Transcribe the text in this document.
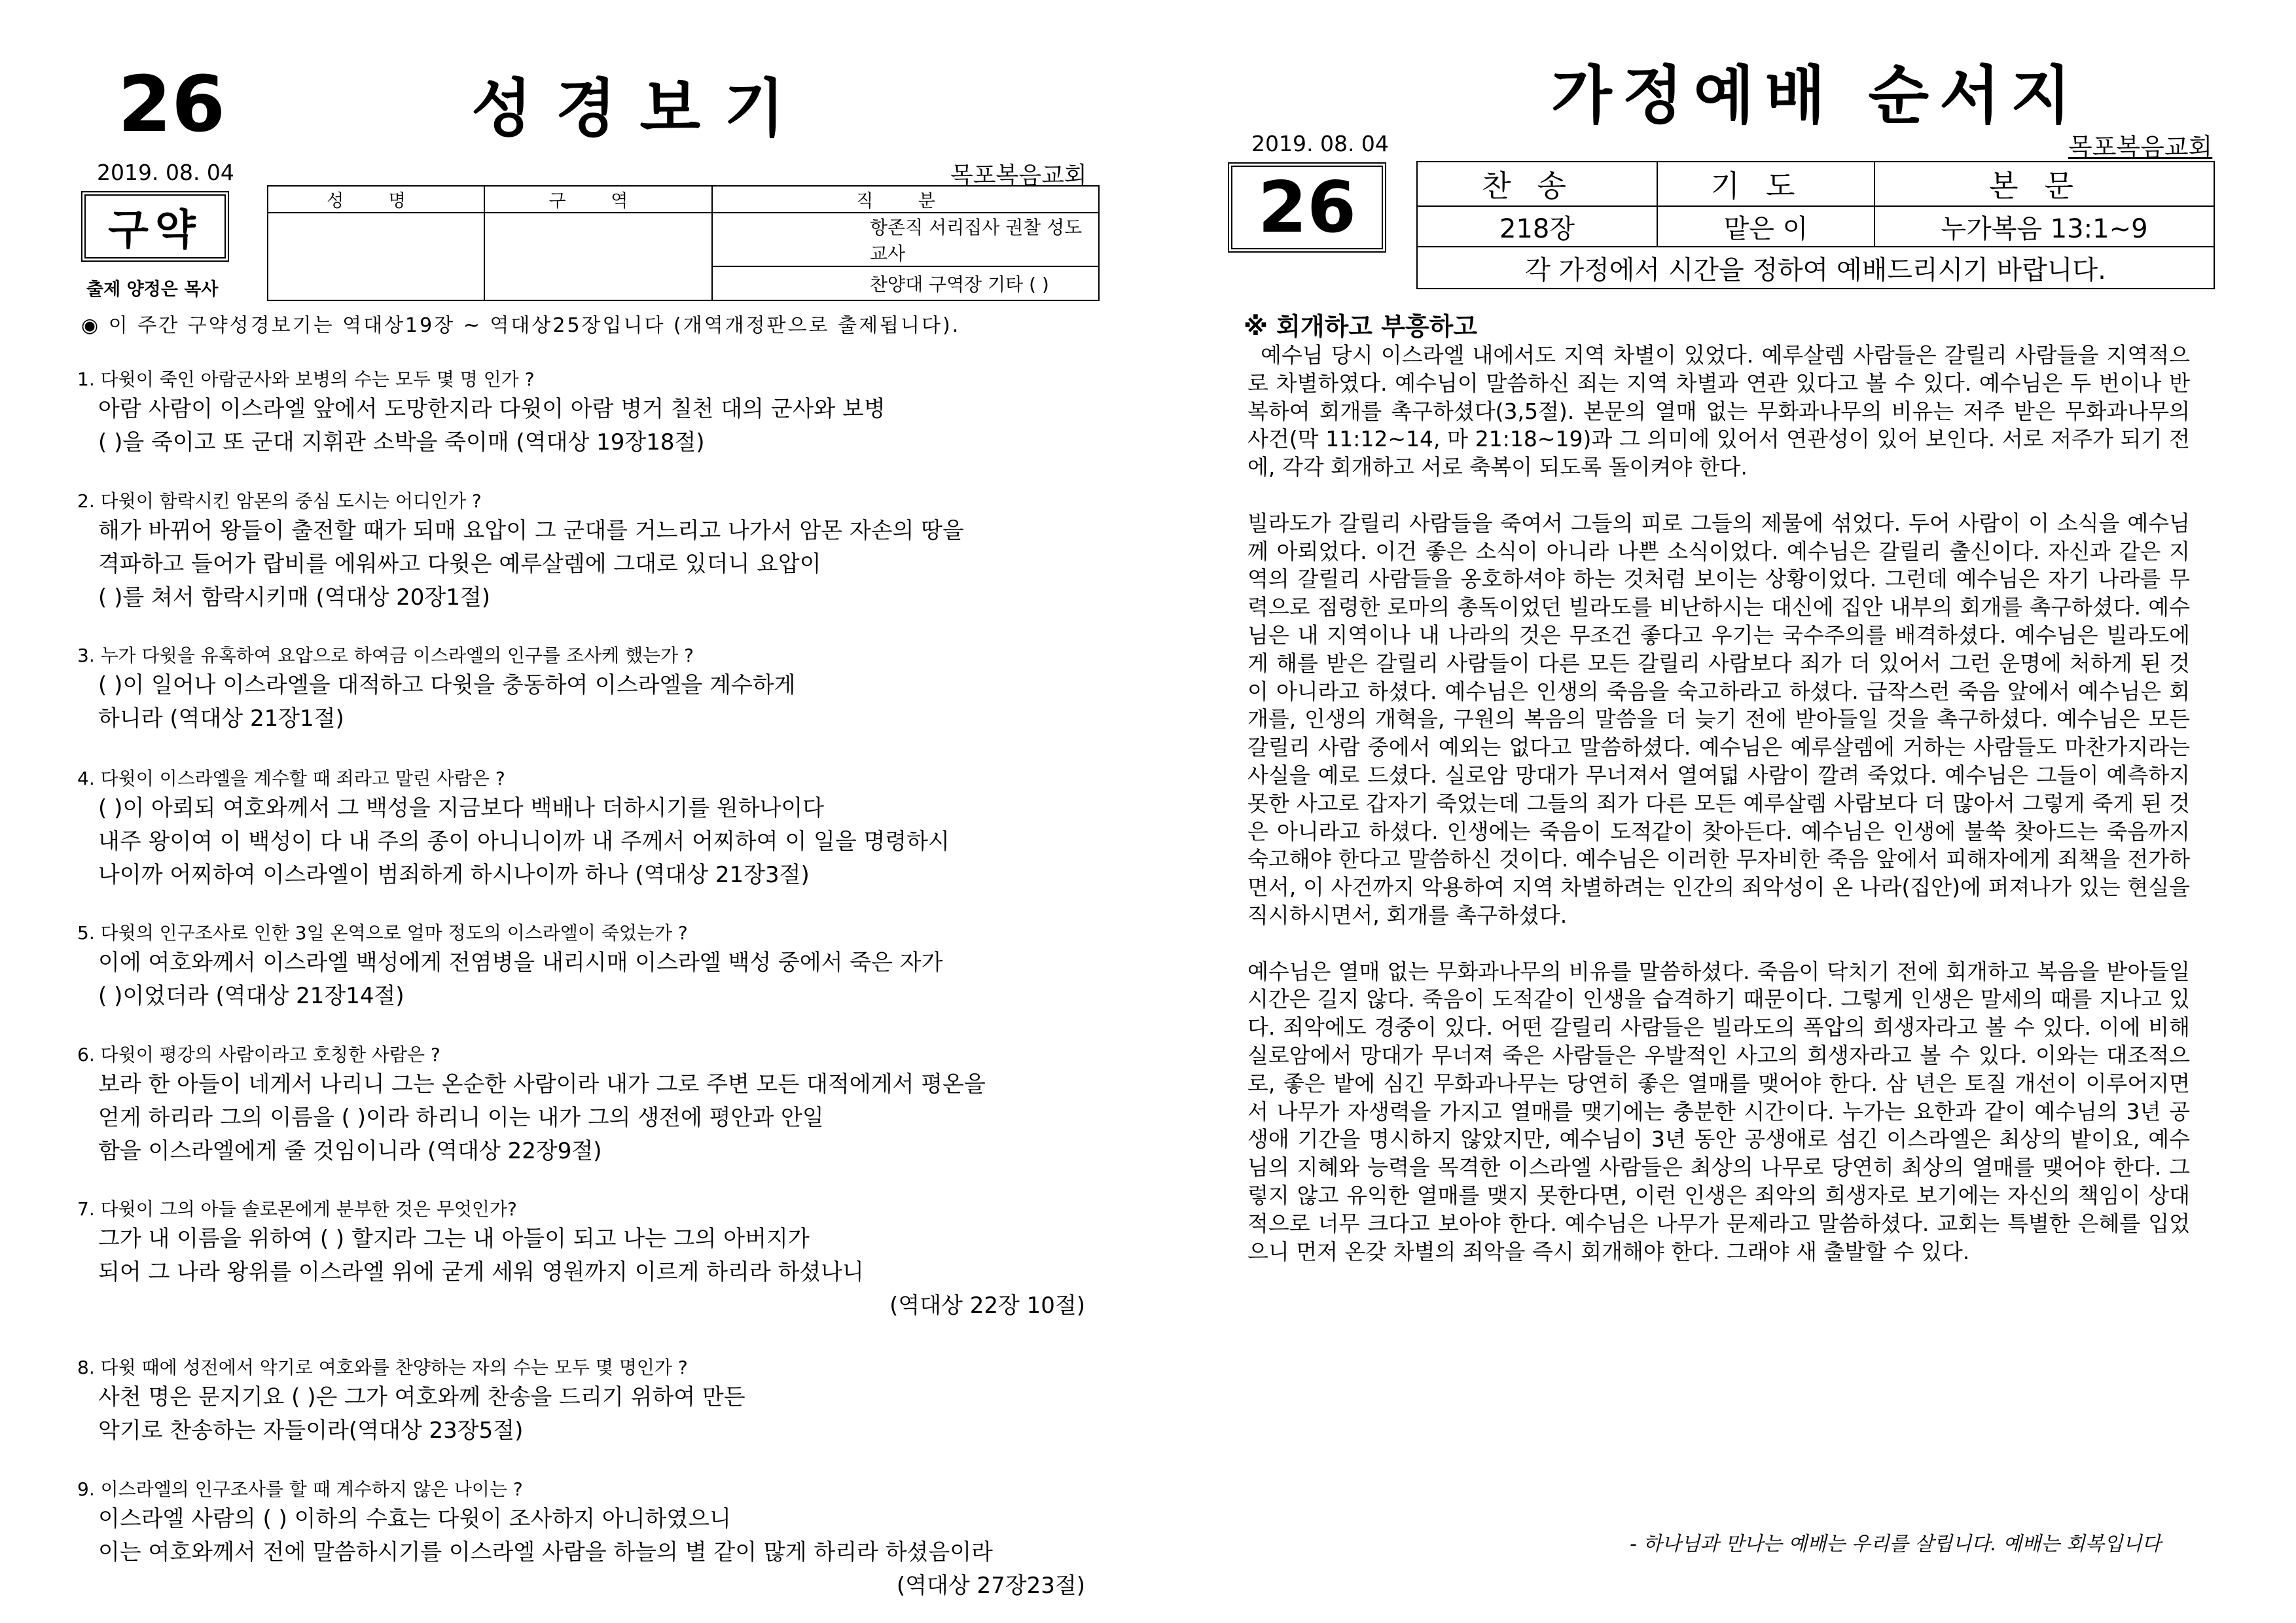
26	성경보기
2019. 08. 04	목포복음교회
구약
출제 양정은 목사
성 명	구 역	직 분
		항존직 서리집사 권찰 성도 교사
		찬양대 구역장 기타 ( )
◉ 이 주간 구약성경보기는 역대상19장 ~ 역대상25장입니다 (개역개정판으로 출제됩니다).
1. 다윗이 죽인 아람군사와 보병의 수는 모두 몇 명 인가 ?
아람 사람이 이스라엘 앞에서 도망한지라 다윗이 아람 병거 칠천 대의 군사와 보병
( )을 죽이고 또 군대 지휘관 소박을 죽이매 (역대상 19장18절)
2. 다윗이 함락시킨 암몬의 중심 도시는 어디인가 ?
해가 바뀌어 왕들이 출전할 때가 되매 요압이 그 군대를 거느리고 나가서 암몬 자손의 땅을
격파하고 들어가 랍비를 에워싸고 다윗은 예루살렘에 그대로 있더니 요압이
( )를 쳐서 함락시키매 (역대상 20장1절)
3. 누가 다윗을 유혹하여 요압으로 하여금 이스라엘의 인구를 조사케 했는가 ?
( )이 일어나 이스라엘을 대적하고 다윗을 충동하여 이스라엘을 계수하게
하니라 (역대상 21장1절)
4. 다윗이 이스라엘을 계수할 때 죄라고 말린 사람은 ?
( )이 아뢰되 여호와께서 그 백성을 지금보다 백배나 더하시기를 원하나이다
내주 왕이여 이 백성이 다 내 주의 종이 아니니이까 내 주께서 어찌하여 이 일을 명령하시
나이까 어찌하여 이스라엘이 범죄하게 하시나이까 하나 (역대상 21장3절)
5. 다윗의 인구조사로 인한 3일 온역으로 얼마 정도의 이스라엘이 죽었는가 ?
이에 여호와께서 이스라엘 백성에게 전염병을 내리시매 이스라엘 백성 중에서 죽은 자가
( )이었더라 (역대상 21장14절)
6. 다윗이 평강의 사람이라고 호칭한 사람은 ?
보라 한 아들이 네게서 나리니 그는 온순한 사람이라 내가 그로 주변 모든 대적에게서 평온을
얻게 하리라 그의 이름을 ( )이라 하리니 이는 내가 그의 생전에 평안과 안일
함을 이스라엘에게 줄 것임이니라 (역대상 22장9절)
7. 다윗이 그의 아들 솔로몬에게 분부한 것은 무엇인가?
그가 내 이름을 위하여 ( ) 할지라 그는 내 아들이 되고 나는 그의 아버지가
되어 그 나라 왕위를 이스라엘 위에 굳게 세워 영원까지 이르게 하리라 하셨나니
(역대상 22장 10절)
8. 다윗 때에 성전에서 악기로 여호와를 찬양하는 자의 수는 모두 몇 명인가 ?
사천 명은 문지기요 ( )은 그가 여호와께 찬송을 드리기 위하여 만든
악기로 찬송하는 자들이라(역대상 23장5절)
9. 이스라엘의 인구조사를 할 때 계수하지 않은 나이는 ?
이스라엘 사람의 ( ) 이하의 수효는 다윗이 조사하지 아니하였으니
이는 여호와께서 전에 말씀하시기를 이스라엘 사람을 하늘의 별 같이 많게 하리라 하셨음이라
(역대상 27장23절)
가정예배 순서지
2019. 08. 04	목포복음교회
26	찬송	기도	본문
218장	맡은 이	누가복음 13:1~9
각 가정에서 시간을 정하여 예배드리시기 바랍니다.		
※ 회개하고 부흥하고

예수님 당시 이스라엘 내에서도 지역 차별이 있었다. 예루살렘 사람들은 갈릴리 사람들을 지역적으로 차별하였다. 예수님이 말씀하신 죄는 지역 차별과 연관 있다고 볼 수 있다. 예수님은 두 번이나 반복하여 회개를 촉구하셨다(3,5절). 본문의 열매 없는 무화과나무의 비유는 저주 받은 무화과나무의 사건(막 11:12~14, 마 21:18~19)과 그 의미에 있어서 연관성이 있어 보인다. 서로 저주가 되기 전에, 각각 회개하고 서로 축복이 되도록 돌이켜야 한다.

빌라도가 갈릴리 사람들을 죽여서 그들의 피로 그들의 제물에 섞었다. 두어 사람이 이 소식을 예수님께 아뢰었다. 이건 좋은 소식이 아니라 나쁜 소식이었다. 예수님은 갈릴리 출신이다. 자신과 같은 지역의 갈릴리 사람들을 옹호하셔야 하는 것처럼 보이는 상황이었다. 그런데 예수님은 자기 나라를 무력으로 점령한 로마의 총독이었던 빌라도를 비난하시는 대신에 집안 내부의 회개를 촉구하셨다. 예수님은 내 지역이나 내 나라의 것은 무조건 좋다고 우기는 국수주의를 배격하셨다. 예수님은 빌라도에게 해를 받은 갈릴리 사람들이 다른 모든 갈릴리 사람보다 죄가 더 있어서 그런 운명에 처하게 된 것이 아니라고 하셨다. 예수님은 인생의 죽음을 숙고하라고 하셨다. 급작스런 죽음 앞에서 예수님은 회개를, 인생의 개혁을, 구원의 복음의 말씀을 더 늦기 전에 받아들일 것을 촉구하셨다. 예수님은 모든 갈릴리 사람 중에서 예외는 없다고 말씀하셨다. 예수님은 예루살렘에 거하는 사람들도 마찬가지라는 사실을 예로 드셨다. 실로암 망대가 무너져서 열여덟 사람이 깔려 죽었다. 예수님은 그들이 예측하지 못한 사고로 갑자기 죽었는데 그들의 죄가 다른 모든 예루살렘 사람보다 더 많아서 그렇게 죽게 된 것은 아니라고 하셨다. 인생에는 죽음이 도적같이 찾아든다. 예수님은 인생에 불쑥 찾아드는 죽음까지 숙고해야 한다고 말씀하신 것이다. 예수님은 이러한 무자비한 죽음 앞에서 피해자에게 죄책을 전가하면서, 이 사건까지 악용하여 지역 차별하려는 인간의 죄악성이 온 나라(집안)에 퍼져나가 있는 현실을 직시하시면서, 회개를 촉구하셨다.

예수님은 열매 없는 무화과나무의 비유를 말씀하셨다. 죽음이 닥치기 전에 회개하고 복음을 받아들일 시간은 길지 않다. 죽음이 도적같이 인생을 습격하기 때문이다. 그렇게 인생은 말세의 때를 지나고 있다. 죄악에도 경중이 있다. 어떤 갈릴리 사람들은 빌라도의 폭압의 희생자라고 볼 수 있다. 이에 비해 실로암에서 망대가 무너져 죽은 사람들은 우발적인 사고의 희생자라고 볼 수 있다. 이와는 대조적으로, 좋은 밭에 심긴 무화과나무는 당연히 좋은 열매를 맺어야 한다. 삼 년은 토질 개선이 이루어지면서 나무가 자생력을 가지고 열매를 맺기에는 충분한 시간이다. 누가는 요한과 같이 예수님의 3년 공생애 기간을 명시하지 않았지만, 예수님이 3년 동안 공생애로 섬긴 이스라엘은 최상의 밭이요, 예수님의 지혜와 능력을 목격한 이스라엘 사람들은 최상의 나무로 당연히 최상의 열매를 맺어야 한다. 그렇지 않고 유익한 열매를 맺지 못한다면, 이런 인생은 죄악의 희생자로 보기에는 자신의 책임이 상대적으로 너무 크다고 보아야 한다. 예수님은 나무가 문제라고 말씀하셨다. 교회는 특별한 은혜를 입었으니 먼저 온갖 차별의 죄악을 즉시 회개해야 한다. 그래야 새 출발할 수 있다.

- 하나님과 만나는 예배는 우리를 살립니다. 예배는 회복입니다
